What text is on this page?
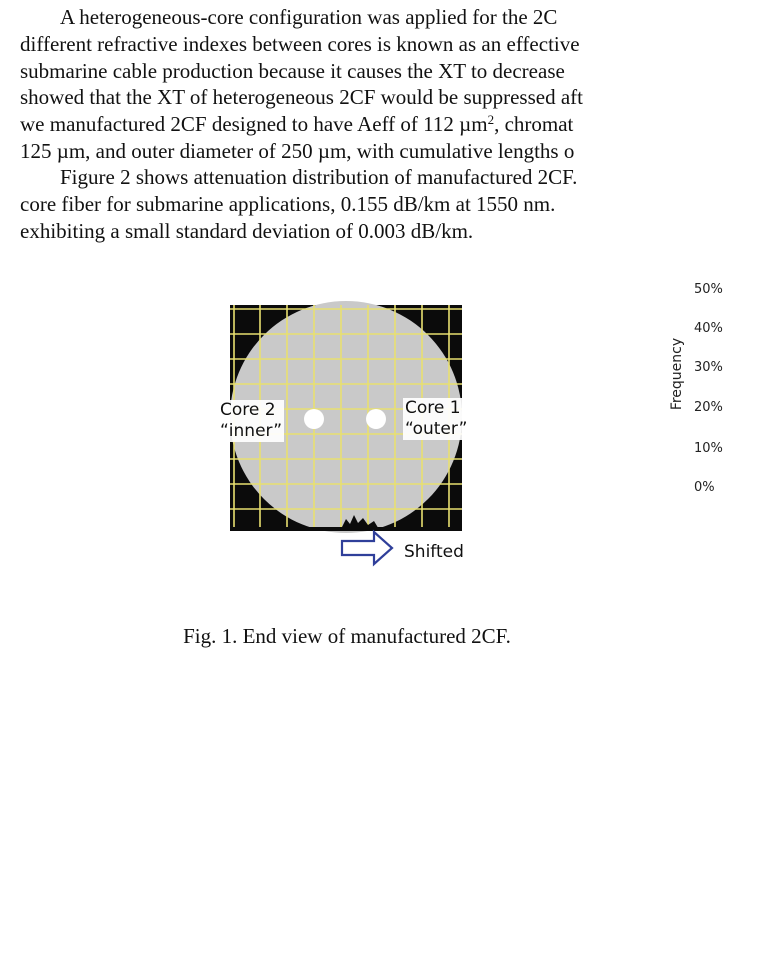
A heterogeneous-core configuration was applied for the 2C
different refractive indexes between cores is known as an effective
submarine cable production because it causes the XT to decrease
showed that the XT of heterogeneous 2CF would be suppressed aft
we manufactured 2CF designed to have Aeff of 112 µm$^2$, chromat
125 µm, and outer diameter of 250 µm, with cumulative lengths o
Figure 2 shows attenuation distribution of manufactured 2CF.
core fiber for submarine applications, 0.155 dB/km at 1550 nm.
exhibiting a small standard deviation of 0.003 dB/km.
Core 2
“inner”
Core 1
“outer”
Shifted
Fig. 1. End view of manufactured 2CF.
Frequency
50%
40%
30%
20%
10%
0%
